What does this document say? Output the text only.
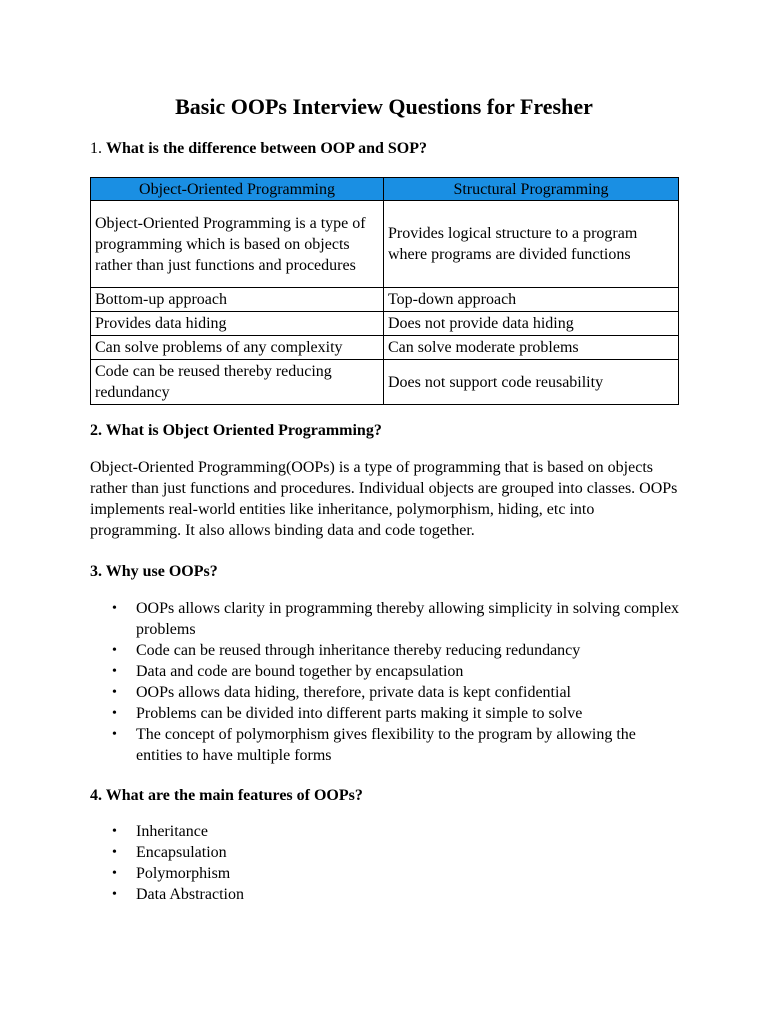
Basic OOPs Interview Questions for Fresher

1. What is the difference between OOP and SOP?

Object-Oriented Programming	Structural Programming
Object-Oriented Programming is a type of programming which is based on objects rather than just functions and procedures	Provides logical structure to a program where programs are divided functions
Bottom-up approach	Top-down approach
Provides data hiding	Does not provide data hiding
Can solve problems of any complexity	Can solve moderate problems
Code can be reused thereby reducing redundancy	Does not support code reusability
2. What is Object Oriented Programming?

Object-Oriented Programming(OOPs) is a type of programming that is based on objects rather than just functions and procedures. Individual objects are grouped into classes. OOPs implements real-world entities like inheritance, polymorphism, hiding, etc into programming. It also allows binding data and code together.

3. Why use OOPs?
• OOPs allows clarity in programming thereby allowing simplicity in solving complex problems
• Code can be reused through inheritance thereby reducing redundancy
• Data and code are bound together by encapsulation
• OOPs allows data hiding, therefore, private data is kept confidential
• Problems can be divided into different parts making it simple to solve
• The concept of polymorphism gives flexibility to the program by allowing the entities to have multiple forms
4. What are the main features of OOPs?
• Inheritance
• Encapsulation
• Polymorphism
• Data Abstraction
